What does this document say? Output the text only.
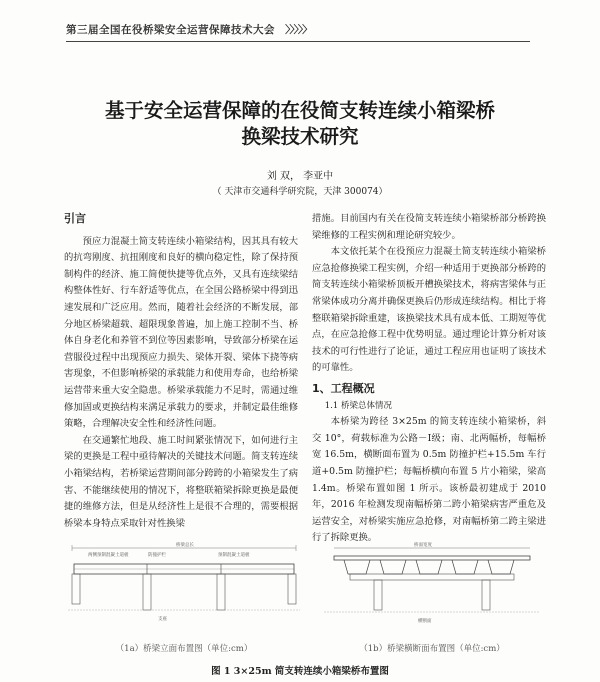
第三届全国在役桥梁安全运营保障技术大会 〉〉〉〉〉
基于安全运营保障的在役简支转连续小箱梁桥
换梁技术研究
刘 双， 李亚中
（ 天津市交通科学研究院，天津 300074）
引言

预应力混凝土简支转连续小箱梁结构，因其具有较大的抗弯刚度、抗扭刚度和良好的横向稳定性，除了保持预制构件的经济、施工简便快捷等优点外，又具有连续梁结构整体性好、行车舒适等优点，在全国公路桥梁中得到迅速发展和广泛应用。然而，随着社会经济的不断发展，部分地区桥梁超载、超限现象普遍，加上施工控制不当、桥体自身老化和养管不到位等因素影响，导致部分桥梁在运营服役过程中出现预应力损失、梁体开裂、梁体下挠等病害现象，不但影响桥梁的承载能力和使用寿命，也给桥梁运营带来重大安全隐患。桥梁承载能力不足时，需通过维修加固或更换结构来满足承载力的要求，并制定最佳维修策略，合理解决安全性和经济性问题。

在交通繁忙地段、施工时间紧张情况下，如何进行主梁的更换是工程中亟待解决的关键技术问题。简支转连续小箱梁结构，若桥梁运营期间部分跨跨的小箱梁发生了病害、不能继续使用的情况下，将整联箱梁拆除更换是最便捷的维修方法，但是从经济性上是很不合理的，需要根据桥梁本身特点采取针对性换梁

措施。目前国内有关在役简支转连续小箱梁桥部分桥跨换梁维修的工程实例和理论研究较少。

本文依托某个在役预应力混凝土简支转连续小箱梁桥应急抢修换梁工程实例，介绍一种适用于更换部分桥跨的简支转连续小箱梁桥顶板开槽换梁技术，将病害梁体与正常梁体成功分离并确保更换后仍形成连续结构。相比于将整联箱梁拆除重建，该换梁技术具有成本低、工期短等优点，在应急抢修工程中优势明显。通过理论计算分析对该技术的可行性进行了论证，通过工程应用也证明了该技术的可靠性。

1、工程概况
1.1 桥梁总体情况

本桥梁为跨径 3×25m 的简支转连续小箱梁桥，斜交 10°，荷载标准为公路－Ⅰ级；南、北两幅桥，每幅桥宽 16.5m，横断面布置为 0.5m 防撞护栏+15.5m 车行道+0.5m 防撞护栏；每幅桥横向布置 5 片小箱梁，梁高 1.4m。桥梁布置如图 1 所示。该桥最初建成于 2010 年，2016 年检测发现南幅桥第二跨小箱梁病害严重危及运营安全，对桥梁实施应急抢修，对南幅桥第二跨主梁进行了拆除更换。

两侧预制混凝土道板	防撞护栏
桥梁总长
预制混凝土道板
支座
桥面宽度
横断面
（1a）桥梁立面布置图（单位:cm）	（1b）桥梁横断面布置图（单位:cm）
图 1 3×25m 简支转连续小箱梁桥布置图
